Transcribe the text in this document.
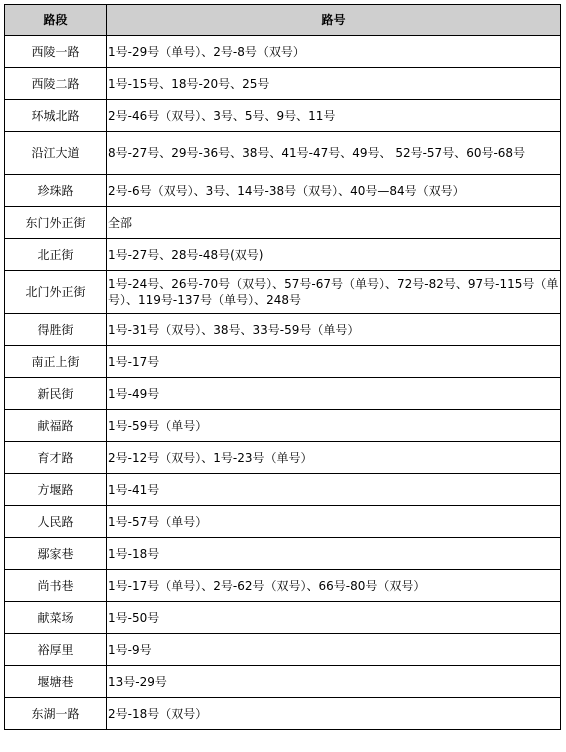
路段	路号
西陵一路	1号-29号（单号）、2号-8号（双号）
西陵二路	1号-15号、18号-20号、25号
环城北路	2号-46号（双号）、3号、5号、9号、11号
沿江大道	8号-27号、29号-36号、38号、41号-47号、49号、 52号-57号、60号-68号
珍珠路	2号-6号（双号）、3号、14号-38号（双号）、40号—84号（双号）
东门外正街	全部
北正街	1号-27号、28号-48号(双号)
北门外正街	1号-24号、26号-70号（双号）、57号-67号（单号）、72号-82号、97号-115号（单号）、119号-137号（单号）、248号
得胜街	1号-31号（双号）、38号、33号-59号（单号）
南正上街	1号-17号
新民街	1号-49号
献福路	1号-59号（单号）
育才路	2号-12号（双号）、1号-23号（单号）
方堰路	1号-41号
人民路	1号-57号（单号）
鄢家巷	1号-18号
尚书巷	1号-17号（单号）、2号-62号（双号）、66号-80号（双号）
献菜场	1号-50号
裕厚里	1号-9号
堰塘巷	13号-29号
东湖一路	2号-18号（双号）
